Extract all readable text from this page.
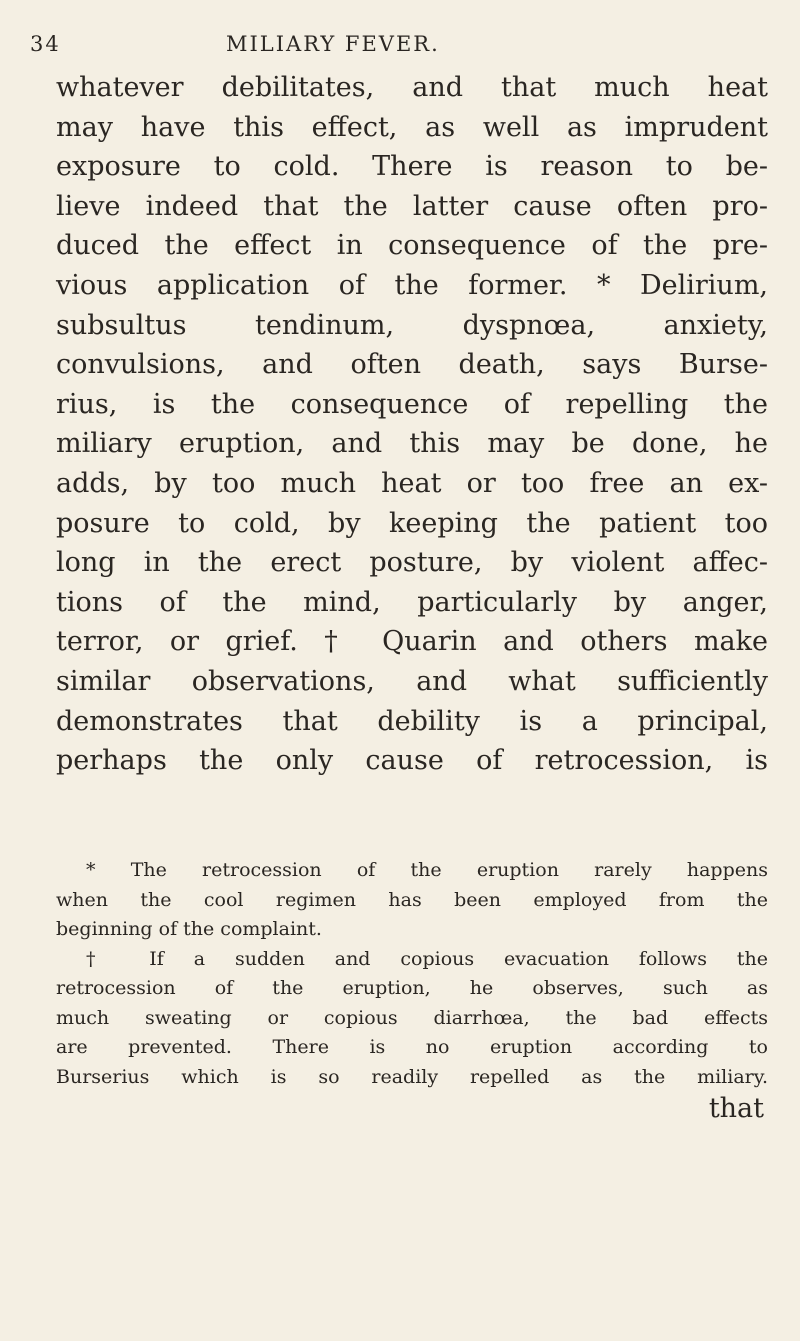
34	MILIARY FEVER.
whatever debilitates, and that much heat
may have this effect, as well as imprudent
exposure to cold. There is reason to be-
lieve indeed that the latter cause often pro-
duced the effect in consequence of the pre-
vious application of the former. * Delirium,
subsultus tendinum, dyspnœa, anxiety,
convulsions, and often death, says Burse-
rius, is the consequence of repelling the
miliary eruption, and this may be done, he
adds, by too much heat or too free an ex-
posure to cold, by keeping the patient too
long in the erect posture, by violent affec-
tions of the mind, particularly by anger,
terror, or grief. † Quarin and others make
similar observations, and what sufficiently
demonstrates that debility is a principal,
perhaps the only cause of retrocession, is
* The retrocession of the eruption rarely happens
when the cool regimen has been employed from the
beginning of the complaint.
† If a sudden and copious evacuation follows the
retrocession of the eruption, he observes, such as
much sweating or copious diarrhœa, the bad effects
are prevented. There is no eruption according to
Burserius which is so readily repelled as the miliary.
that
